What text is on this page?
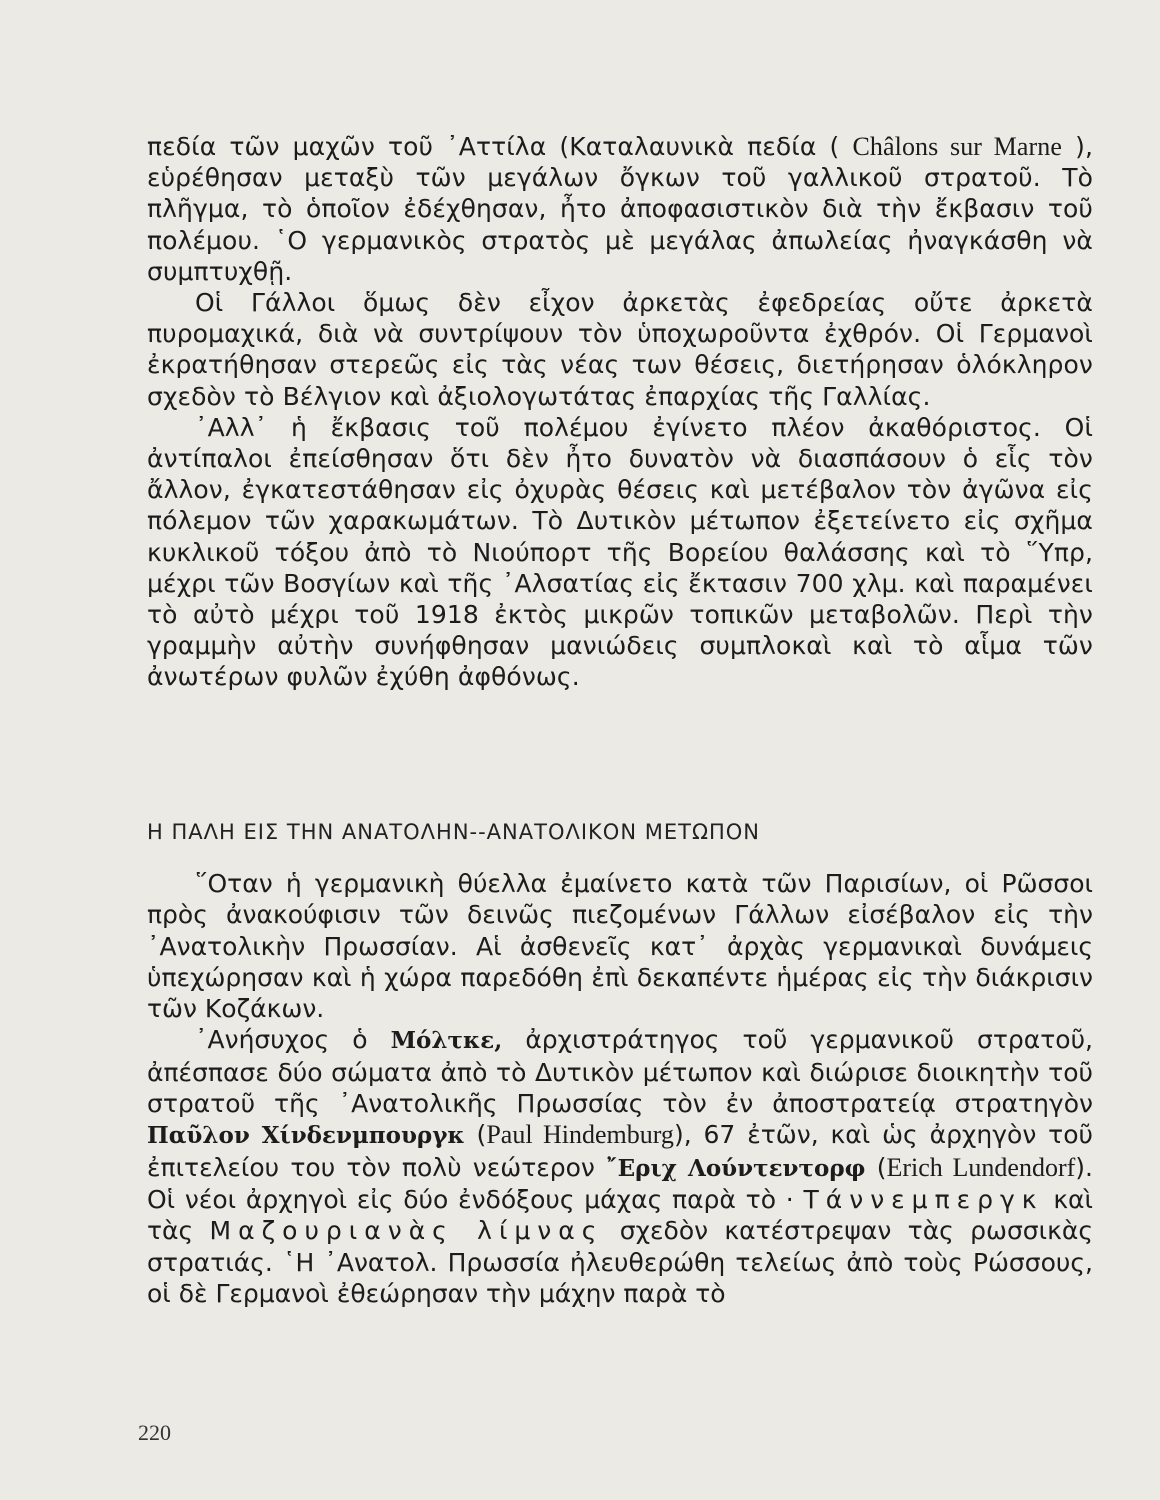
πεδία τῶν μαχῶν τοῦ ᾿Αττίλα (Καταλαυνικὰ πεδία ( Châlons sur Marne ), εὑρέθησαν μεταξὺ τῶν μεγάλων ὄγκων τοῦ γαλλικοῦ στρατοῦ. Τὸ πλῆγμα, τὸ ὁποῖον ἐδέχθησαν, ἦτο ἀποφασιστικὸν διὰ τὴν ἔκβασιν τοῦ πολέμου. ῾Ο γερμανικὸς στρατὸς μὲ μεγάλας ἀπωλείας ἠναγκάσθη νὰ συμπτυχθῇ.

Οἱ Γάλλοι ὅμως δὲν εἶχον ἀρκετὰς ἐφεδρείας οὔτε ἀρκετὰ πυρομαχικά, διὰ νὰ συντρίψουν τὸν ὑποχωροῦντα ἐχθρόν. Οἱ Γερμανοὶ ἐκρατήθησαν στερεῶς εἰς τὰς νέας των θέσεις, διετήρησαν ὁλόκληρον σχεδὸν τὸ Βέλγιον καὶ ἀξιολογωτάτας ἐπαρχίας τῆς Γαλλίας.

᾿Αλλ᾿ ἡ ἔκβασις τοῦ πολέμου ἐγίνετο πλέον ἀκαθόριστος. Οἱ ἀντίπαλοι ἐπείσθησαν ὅτι δὲν ἦτο δυνατὸν νὰ διασπάσουν ὁ εἷς τὸν ἄλλον, ἐγκατεστάθησαν εἰς ὀχυρὰς θέσεις καὶ μετέβαλον τὸν ἀγῶνα εἰς πόλεμον τῶν χαρακωμάτων. Τὸ Δυτικὸν μέτωπον ἐξετείνετο εἰς σχῆμα κυκλικοῦ τόξου ἀπὸ τὸ Νιούπορτ τῆς Βορείου θαλάσσης καὶ τὸ ῞Υπρ, μέχρι τῶν Βοσγίων καὶ τῆς ᾿Αλσατίας εἰς ἔκτασιν 700 χλμ. καὶ παραμένει τὸ αὐτὸ μέχρι τοῦ 1918 ἐκτὸς μικρῶν τοπικῶν μεταβολῶν. Περὶ τὴν γραμμὴν αὐτὴν συνήφθησαν μανιώδεις συμπλοκαὶ καὶ τὸ αἷμα τῶν ἀνωτέρων φυλῶν ἐχύθη ἀφθόνως.

Η ΠΑΛΗ ΕΙΣ ΤΗΝ ΑΝΑΤΟΛΗΝ--ΑΝΑΤΟΛΙΚΟΝ ΜΕΤΩΠΟΝ

῞Οταν ἡ γερμανικὴ θύελλα ἐμαίνετο κατὰ τῶν Παρισίων, οἱ Ρῶσσοι πρὸς ἀνακούφισιν τῶν δεινῶς πιεζομένων Γάλλων εἰσέβαλον εἰς τὴν ᾿Ανατολικὴν Πρωσσίαν. Αἱ ἀσθενεῖς κατ᾿ ἀρχὰς γερμανικαὶ δυνάμεις ὑπεχώρησαν καὶ ἡ χώρα παρεδόθη ἐπὶ δεκαπέντε ἡμέρας εἰς τὴν διάκρισιν τῶν Κοζάκων.

᾿Ανήσυχος ὁ Μόλτκε, ἀρχιστράτηγος τοῦ γερμανικοῦ στρατοῦ, ἀπέσπασε δύο σώματα ἀπὸ τὸ Δυτικὸν μέτωπον καὶ διώρισε διοικητὴν τοῦ στρατοῦ τῆς ᾿Ανατολικῆς Πρωσσίας τὸν ἐν ἀποστρατείᾳ στρατηγὸν Παῦλον Χίνδενμπουργκ (Paul Hindemburg), 67 ἐτῶν, καὶ ὡς ἀρχηγὸν τοῦ ἐπιτελείου του τὸν πολὺ νεώτερον ῎Εριχ Λούντεντορφ (Erich Lundendorf). Οἱ νέοι ἀρχηγοὶ εἰς δύο ἐνδόξους μάχας παρὰ τὸ · Τάννεμπεργκ καὶ τὰς Μαζουριανὰς λίμνας σχεδὸν κατέστρεψαν τὰς ρωσσικὰς στρατιάς. ῾Η ᾿Ανατολ. Πρωσσία ἠλευθερώθη τελείως ἀπὸ τοὺς Ρώσσους, οἱ δὲ Γερμανοὶ ἐθεώρησαν τὴν μάχην παρὰ τὸ

220
